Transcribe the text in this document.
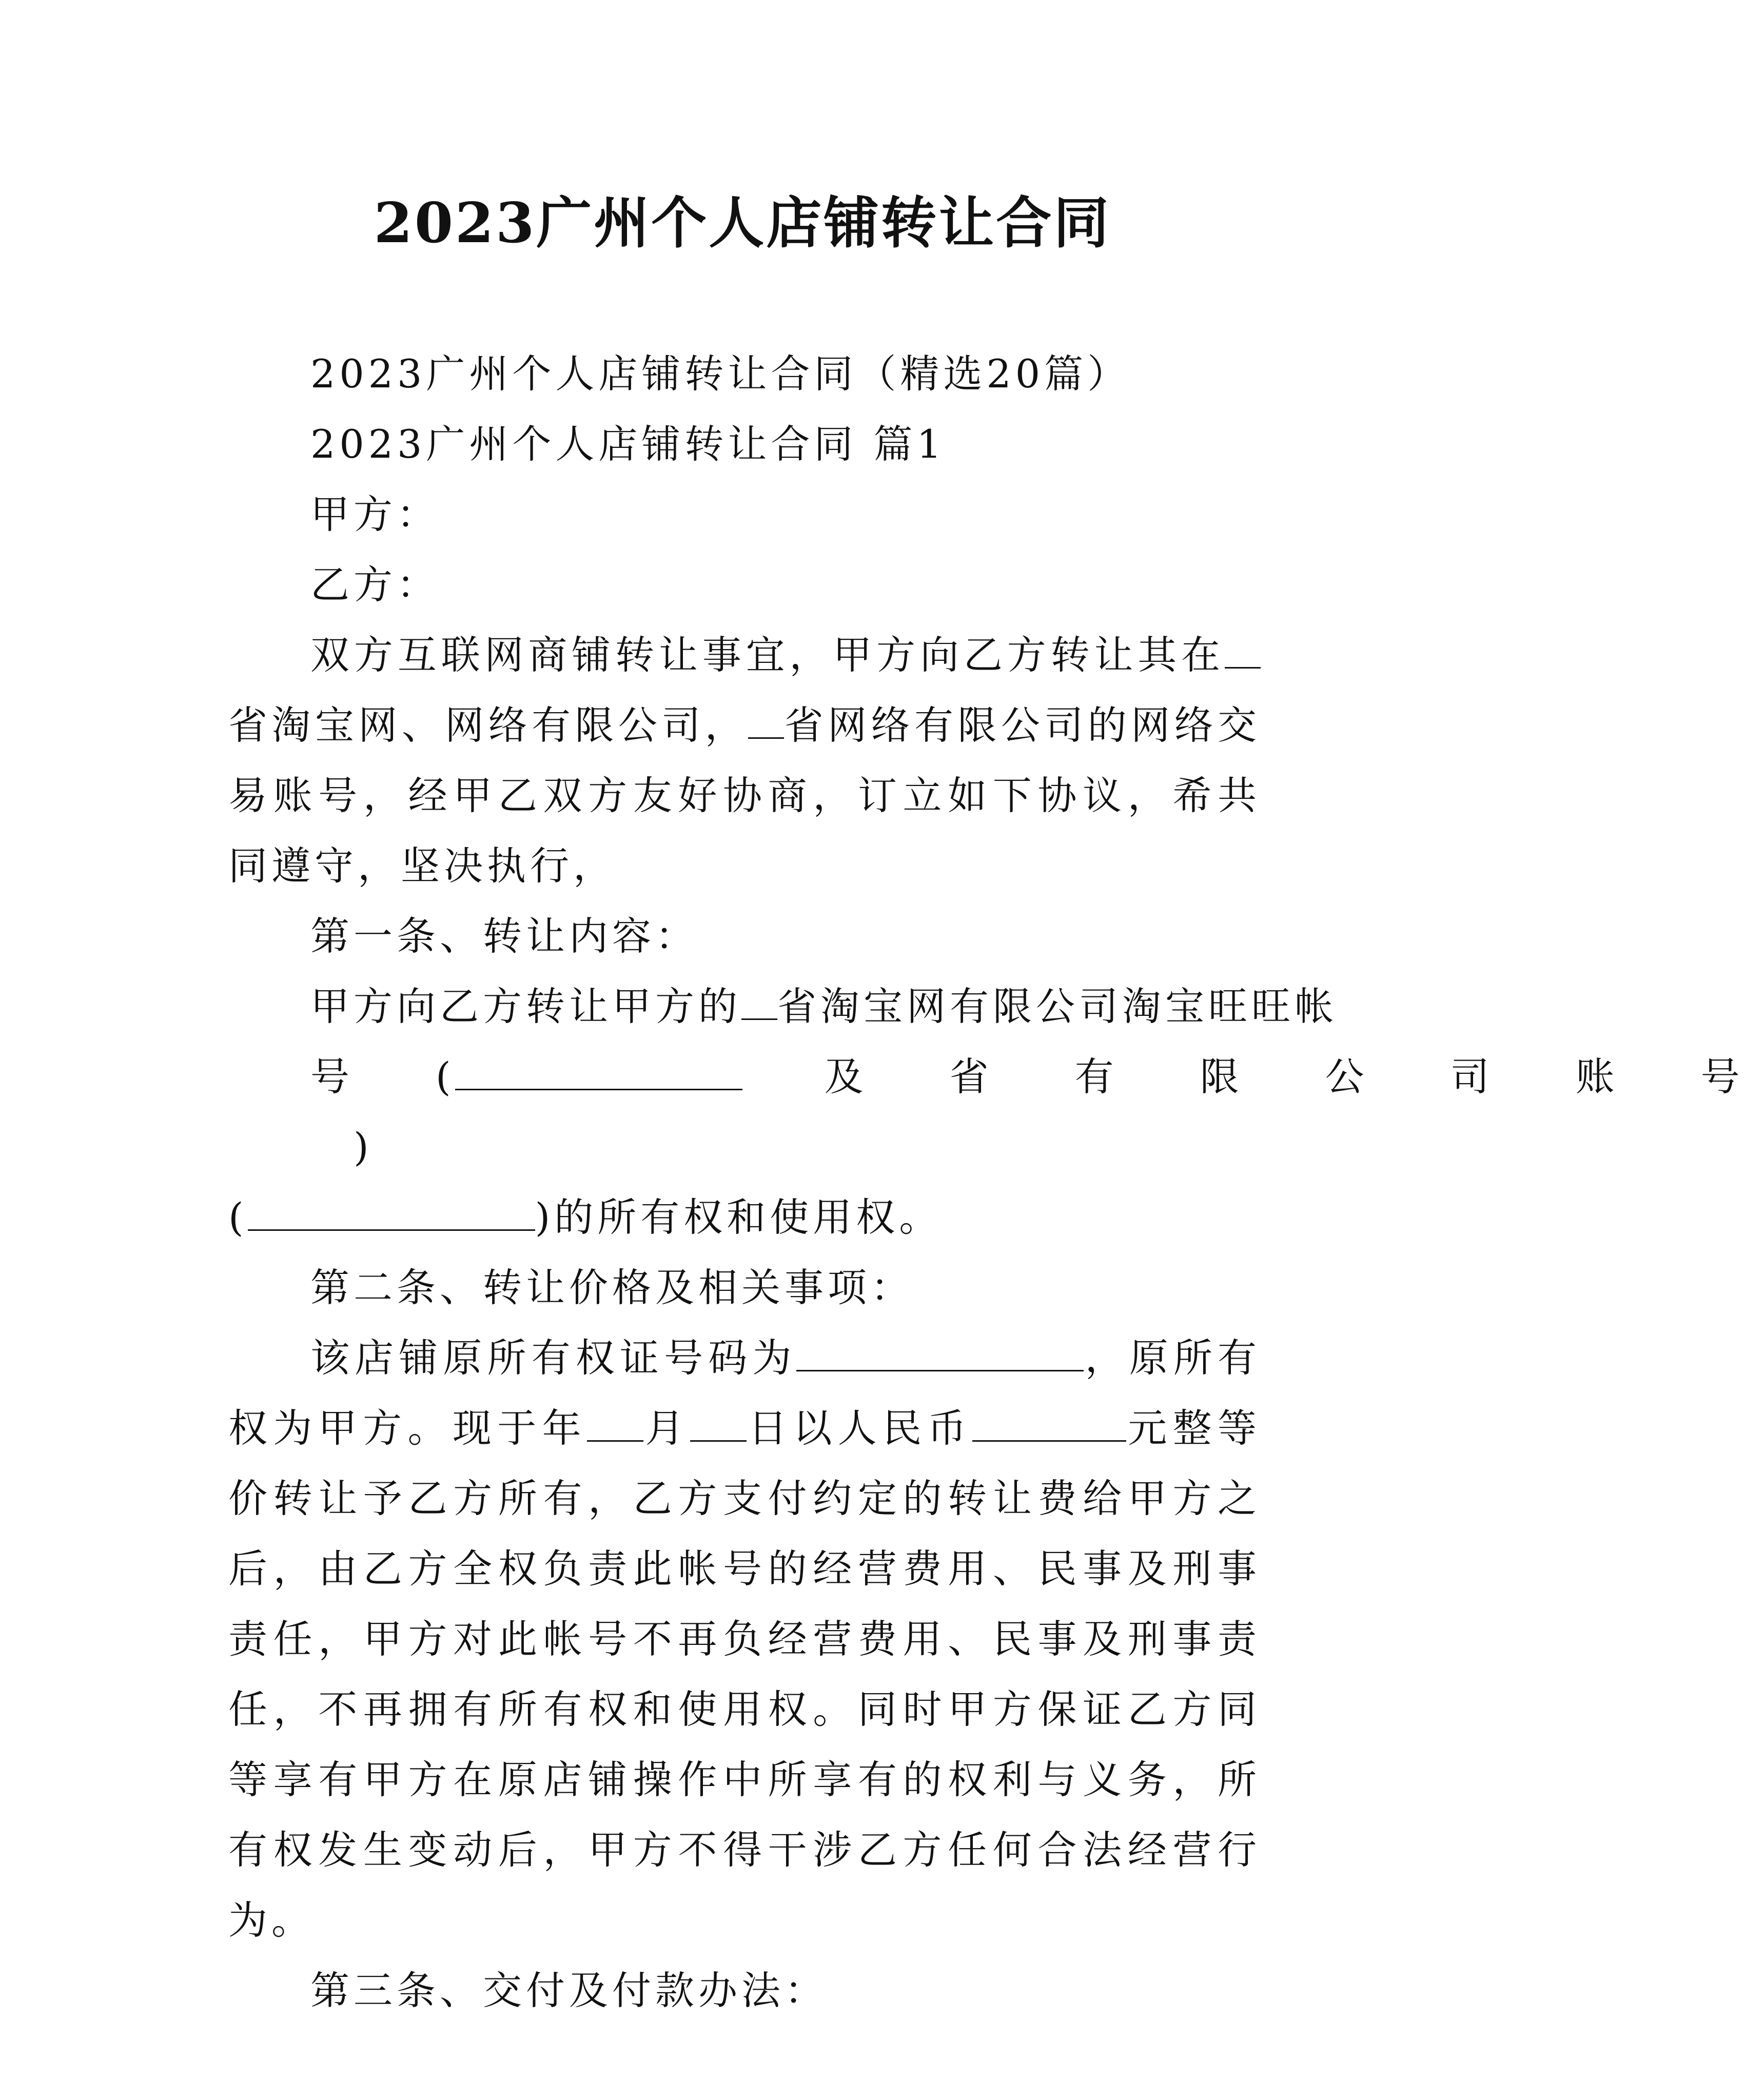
2023广州个人店铺转让合同

2023广州个人店铺转让合同（精选20篇）

2023广州个人店铺转让合同 篇1

甲方：

乙方：

双方互联网商铺转让事宜，甲方向乙方转让其在省淘宝网、网络有限公司， 省网络有限公司的网络交易账号，经甲乙双方友好协商，订立如下协议，希共同遵守，坚决执行，

第一条、转让内容：

甲方向乙方转让甲方的 省淘宝网有限公司淘宝旺旺帐

号	()
及	省	有	限	公	司	账	号

(	)的所有权和使用权。

第二条、转让价格及相关事项：

该店铺原所有权证号码为	，原所有权为甲方。现于年 月 日以人民币	元整等价转让予乙方所有，乙方支付约定的转让费给甲方之后，由乙方全权负责此帐号的经营费用、民事及刑事责任，甲方对此帐号不再负经营费用、民事及刑事责任，不再拥有所有权和使用权。同时甲方保证乙方同等享有甲方在原店铺操作中所享有的权利与义务，所有权发生变动后，甲方不得干涉乙方任何合法经营行为。

第三条、交付及付款办法：
